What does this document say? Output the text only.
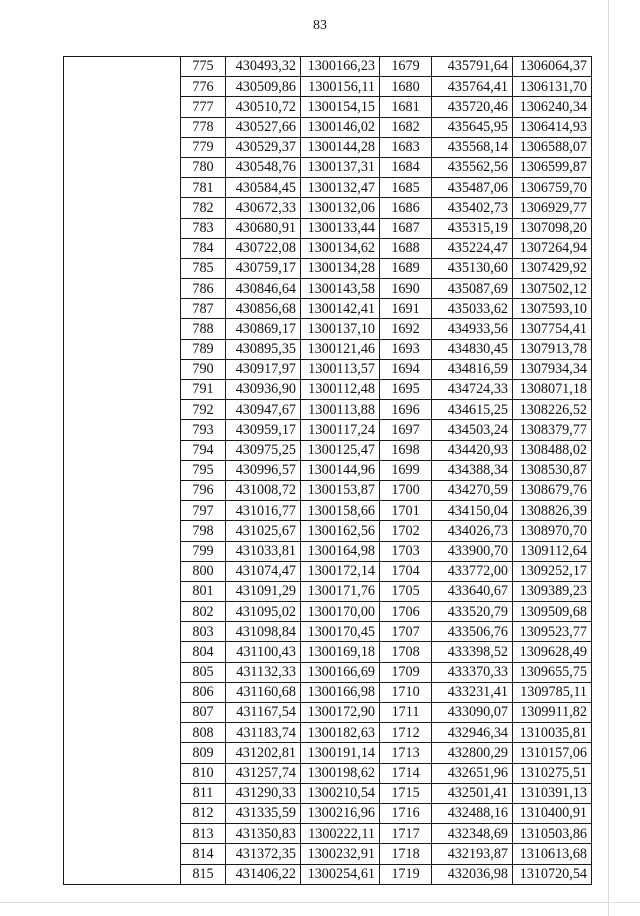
83
	775	430493,32	1300166,23	1679	435791,64	1306064,37
	776	430509,86	1300156,11	1680	435764,41	1306131,70
	777	430510,72	1300154,15	1681	435720,46	1306240,34
	778	430527,66	1300146,02	1682	435645,95	1306414,93
	779	430529,37	1300144,28	1683	435568,14	1306588,07
	780	430548,76	1300137,31	1684	435562,56	1306599,87
	781	430584,45	1300132,47	1685	435487,06	1306759,70
	782	430672,33	1300132,06	1686	435402,73	1306929,77
	783	430680,91	1300133,44	1687	435315,19	1307098,20
	784	430722,08	1300134,62	1688	435224,47	1307264,94
	785	430759,17	1300134,28	1689	435130,60	1307429,92
	786	430846,64	1300143,58	1690	435087,69	1307502,12
	787	430856,68	1300142,41	1691	435033,62	1307593,10
	788	430869,17	1300137,10	1692	434933,56	1307754,41
	789	430895,35	1300121,46	1693	434830,45	1307913,78
	790	430917,97	1300113,57	1694	434816,59	1307934,34
	791	430936,90	1300112,48	1695	434724,33	1308071,18
	792	430947,67	1300113,88	1696	434615,25	1308226,52
	793	430959,17	1300117,24	1697	434503,24	1308379,77
	794	430975,25	1300125,47	1698	434420,93	1308488,02
	795	430996,57	1300144,96	1699	434388,34	1308530,87
	796	431008,72	1300153,87	1700	434270,59	1308679,76
	797	431016,77	1300158,66	1701	434150,04	1308826,39
	798	431025,67	1300162,56	1702	434026,73	1308970,70
	799	431033,81	1300164,98	1703	433900,70	1309112,64
	800	431074,47	1300172,14	1704	433772,00	1309252,17
	801	431091,29	1300171,76	1705	433640,67	1309389,23
	802	431095,02	1300170,00	1706	433520,79	1309509,68
	803	431098,84	1300170,45	1707	433506,76	1309523,77
	804	431100,43	1300169,18	1708	433398,52	1309628,49
	805	431132,33	1300166,69	1709	433370,33	1309655,75
	806	431160,68	1300166,98	1710	433231,41	1309785,11
	807	431167,54	1300172,90	1711	433090,07	1309911,82
	808	431183,74	1300182,63	1712	432946,34	1310035,81
	809	431202,81	1300191,14	1713	432800,29	1310157,06
	810	431257,74	1300198,62	1714	432651,96	1310275,51
	811	431290,33	1300210,54	1715	432501,41	1310391,13
	812	431335,59	1300216,96	1716	432488,16	1310400,91
	813	431350,83	1300222,11	1717	432348,69	1310503,86
	814	431372,35	1300232,91	1718	432193,87	1310613,68
	815	431406,22	1300254,61	1719	432036,98	1310720,54
